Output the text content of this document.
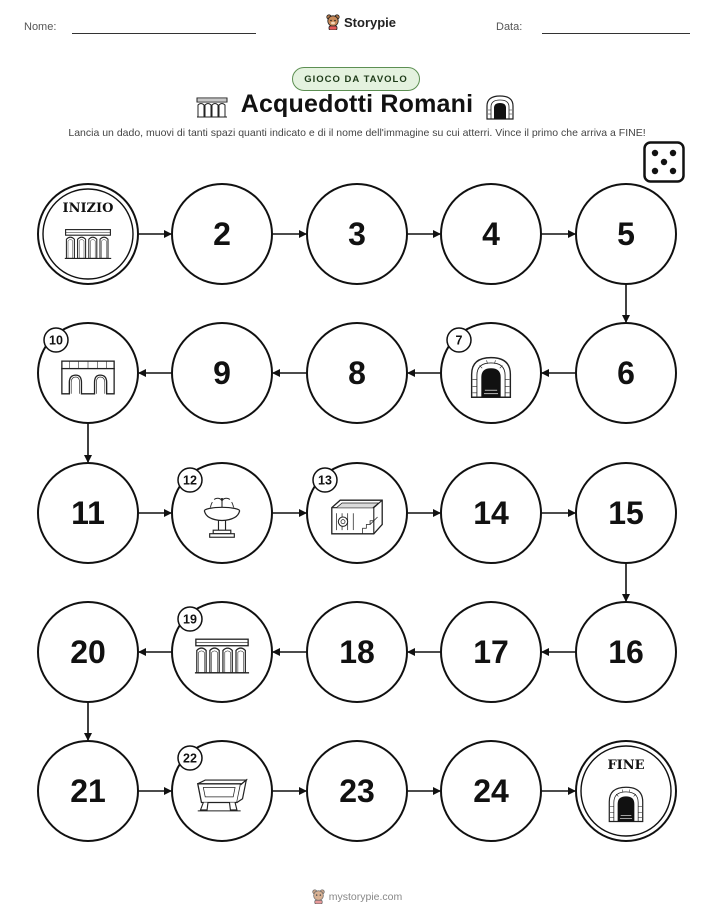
Nome:	Storypie	Data:
GIOCO DA TAVOLO
Acquedotti Romani
Lancia un dado, muovi di tanti spazi quanti indicato e di il nome dell'immagine su cui atterri. Vince il primo che arriva a FINE!
INIZIO
2	3	4	5
6
7
8
9
10
11
12	13
14	15
16
17
18
19
20
21
22
23	24
FINE
mystorypie.com
